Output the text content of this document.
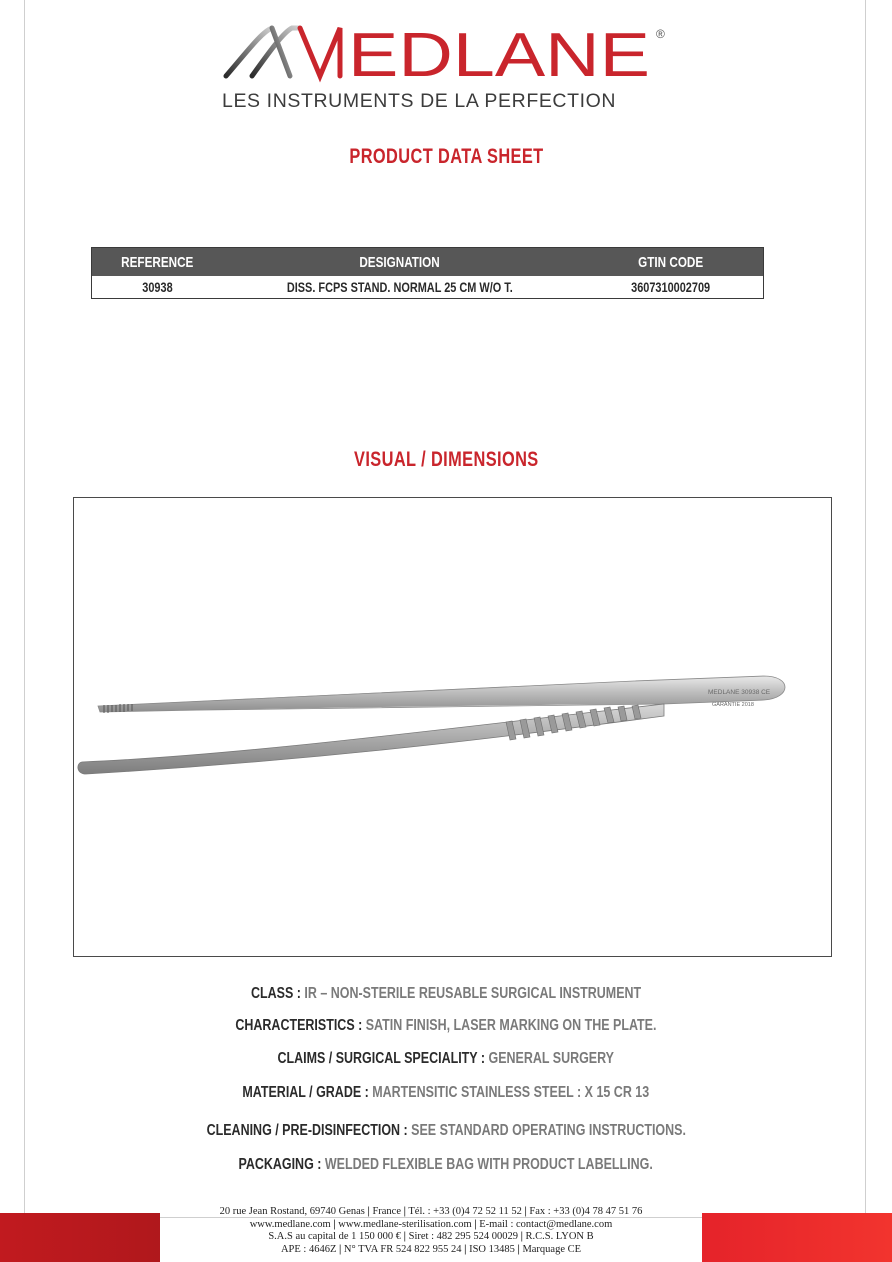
EDLANE ®
LES INSTRUMENTS DE LA PERFECTION
PRODUCT DATA SHEET
REFERENCE	DESIGNATION	GTIN CODE
30938	DISS. FCPS STAND. NORMAL 25 CM W/O T.	3607310002709
VISUAL / DIMENSIONS
MEDLANE 30938 CE
GARANTIE 2018
CLASS : IR – NON-STERILE REUSABLE SURGICAL INSTRUMENT
CHARACTERISTICS : SATIN FINISH, LASER MARKING ON THE PLATE.
CLAIMS / SURGICAL SPECIALITY : GENERAL SURGERY
MATERIAL / GRADE : MARTENSITIC STAINLESS STEEL : X 15 CR 13
CLEANING / PRE-DISINFECTION : SEE STANDARD OPERATING INSTRUCTIONS.
PACKAGING : WELDED FLEXIBLE BAG WITH PRODUCT LABELLING.
20 rue Jean Rostand, 69740 Genas | France | Tél. : +33 (0)4 72 52 11 52 | Fax : +33 (0)4 78 47 51 76
www.medlane.com | www.medlane-sterilisation.com | E-mail : contact@medlane.com
S.A.S au capital de 1 150 000 € | Siret : 482 295 524 00029 | R.C.S. LYON B
APE : 4646Z | N° TVA FR 524 822 955 24 | ISO 13485 | Marquage CE
